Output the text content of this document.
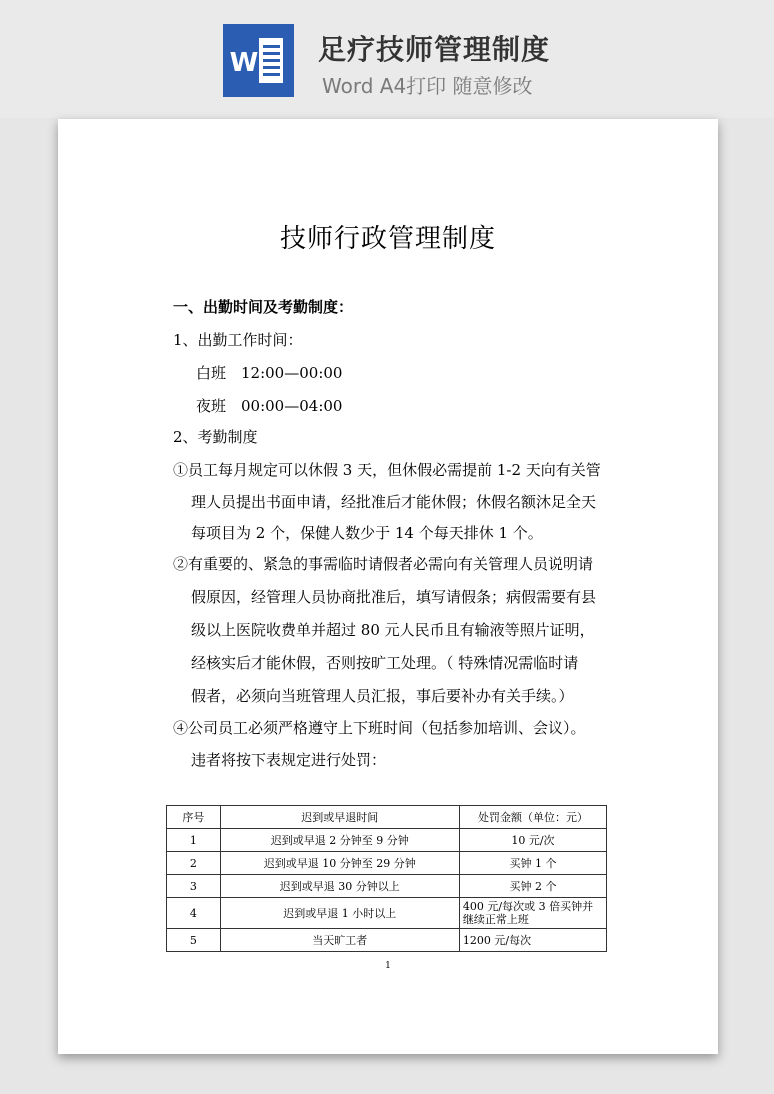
W 足疗技师管理制度
Word A4打印 随意修改

技师行政管理制度
一、出勤时间及考勤制度：
1、出勤工作时间：
白班 12:00—00:00
夜班 00:00—04:00
2、考勤制度
①员工每月规定可以休假 3 天，但休假必需提前 1-2 天向有关管
理人员提出书面申请，经批准后才能休假；休假名额沐足全天
每项目为 2 个，保健人数少于 14 个每天排休 1 个。
②有重要的、紧急的事需临时请假者必需向有关管理人员说明请
假原因，经管理人员协商批准后，填写请假条；病假需要有县
级以上医院收费单并超过 80 元人民币且有输液等照片证明，
经核实后才能休假，否则按旷工处理。（ 特殊情况需临时请
假者，必须向当班管理人员汇报，事后要补办有关手续。）
④公司员工必须严格遵守上下班时间（包括参加培训、会议）。
违者将按下表规定进行处罚：
序号	迟到或早退时间	处罚金额（单位：元）
1	迟到或早退 2 分钟至 9 分钟	10 元/次
2	迟到或早退 10 分钟至 29 分钟	买钟 1 个
3	迟到或早退 30 分钟以上	买钟 2 个
4	迟到或早退 1 小时以上	400 元/每次或 3 倍买钟并继续正常上班
5	当天旷工者	1200 元/每次
1
